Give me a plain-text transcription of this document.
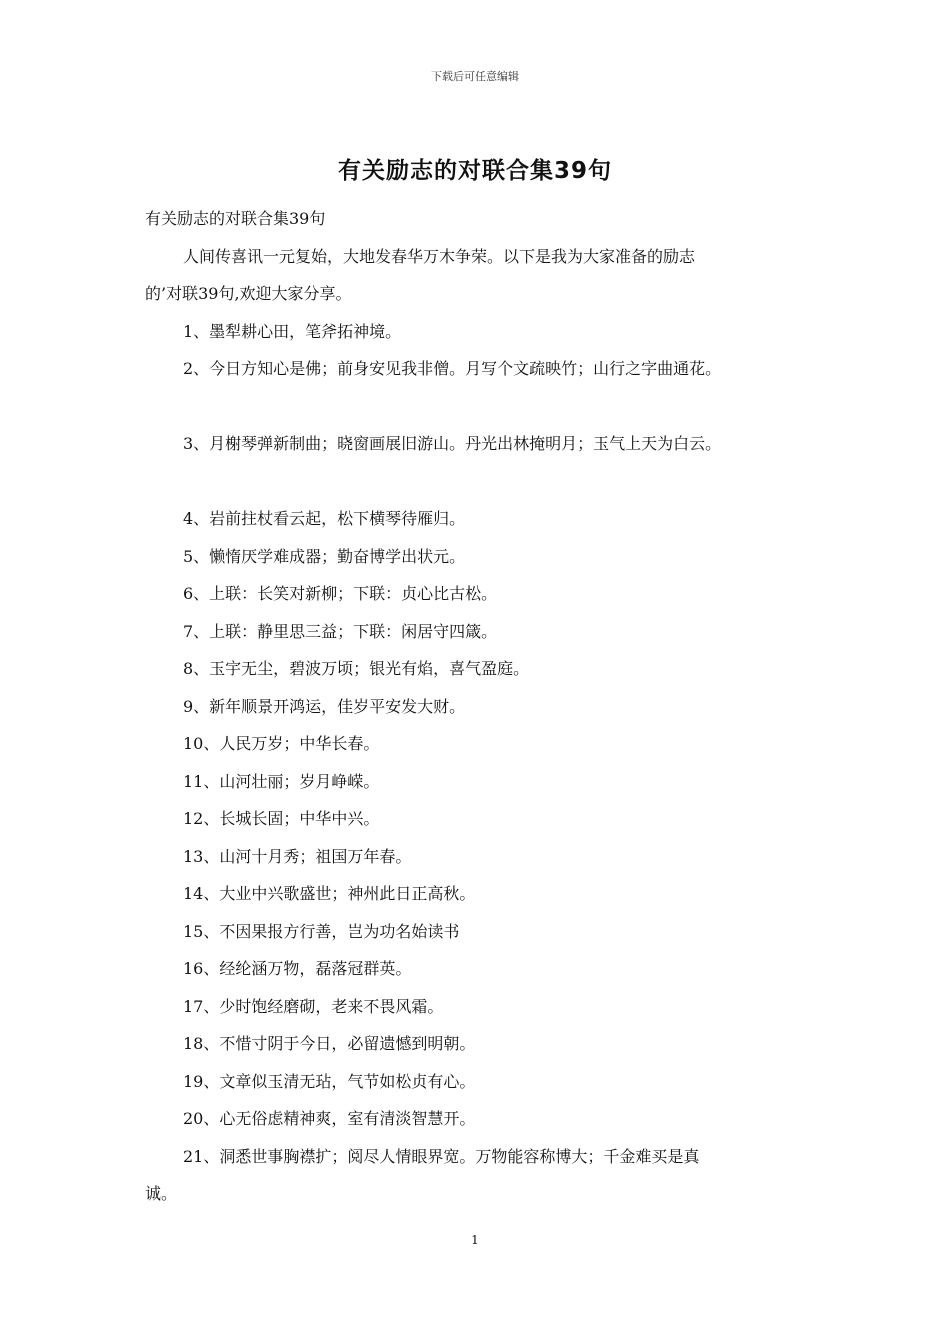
下载后可任意编辑
有关励志的对联合集39句

有关励志的对联合集39句

人间传喜讯一元复始，大地发春华万木争荣。以下是我为大家准备的励志

的’对联39句,欢迎大家分享。

1、墨犁耕心田，笔斧拓神境。

2、今日方知心是佛；前身安见我非僧。月写个文疏映竹；山行之字曲通花。

3、月榭琴弹新制曲；晓窗画展旧游山。丹光出林掩明月；玉气上天为白云。

4、岩前拄杖看云起，松下横琴待雁归。

5、懒惰厌学难成器；勤奋博学出状元。

6、上联：长笑对新柳；下联：贞心比古松。

7、上联：静里思三益；下联：闲居守四箴。

8、玉宇无尘，碧波万顷；银光有焰，喜气盈庭。

9、新年顺景开鸿运，佳岁平安发大财。

10、人民万岁；中华长春。

11、山河壮丽；岁月峥嵘。

12、长城长固；中华中兴。

13、山河十月秀；祖国万年春。

14、大业中兴歌盛世；神州此日正高秋。

15、不因果报方行善，岂为功名始读书

16、经纶涵万物，磊落冠群英。

17、少时饱经磨砌，老来不畏风霜。

18、不惜寸阴于今日，必留遗憾到明朝。

19、文章似玉清无玷，气节如松贞有心。

20、心无俗虑精神爽，室有清淡智慧开。

21、洞悉世事胸襟扩；阅尽人情眼界宽。万物能容称博大；千金难买是真

诚。

1
